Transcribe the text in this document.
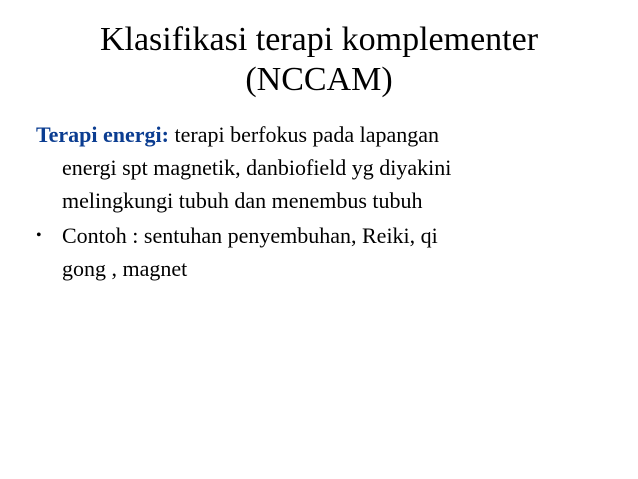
Klasifikasi terapi komplementer
(NCCAM)

Terapi energi: terapi berfokus pada lapangan
energi spt magnetik, danbiofield yg diyakini
melingkungi tubuh dan menembus tubuh

• Contoh : sentuhan penyembuhan, Reiki, qi
gong , magnet
